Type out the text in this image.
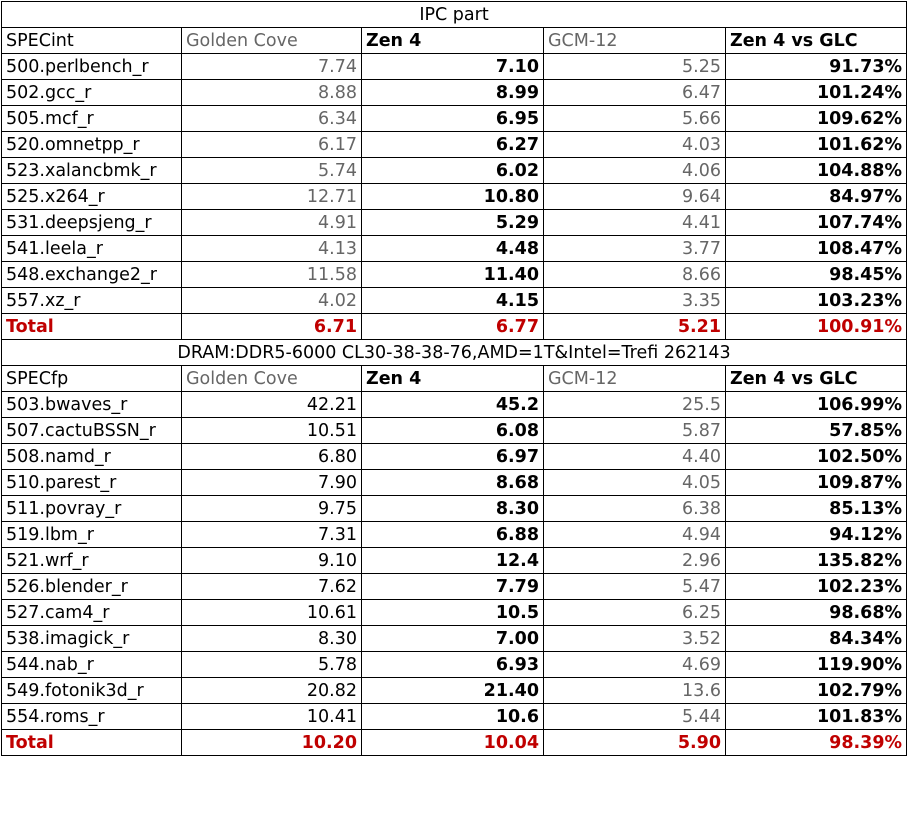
IPC part				
SPECint	Golden Cove	Zen 4	GCM-12	Zen 4 vs GLC
500.perlbench_r	7.74	7.10	5.25	91.73%
502.gcc_r	8.88	8.99	6.47	101.24%
505.mcf_r	6.34	6.95	5.66	109.62%
520.omnetpp_r	6.17	6.27	4.03	101.62%
523.xalancbmk_r	5.74	6.02	4.06	104.88%
525.x264_r	12.71	10.80	9.64	84.97%
531.deepsjeng_r	4.91	5.29	4.41	107.74%
541.leela_r	4.13	4.48	3.77	108.47%
548.exchange2_r	11.58	11.40	8.66	98.45%
557.xz_r	4.02	4.15	3.35	103.23%
Total	6.71	6.77	5.21	100.91%
DRAM:DDR5-6000 CL30-38-38-76,AMD=1T&Intel=Trefi 262143				
SPECfp	Golden Cove	Zen 4	GCM-12	Zen 4 vs GLC
503.bwaves_r	42.21	45.2	25.5	106.99%
507.cactuBSSN_r	10.51	6.08	5.87	57.85%
508.namd_r	6.80	6.97	4.40	102.50%
510.parest_r	7.90	8.68	4.05	109.87%
511.povray_r	9.75	8.30	6.38	85.13%
519.lbm_r	7.31	6.88	4.94	94.12%
521.wrf_r	9.10	12.4	2.96	135.82%
526.blender_r	7.62	7.79	5.47	102.23%
527.cam4_r	10.61	10.5	6.25	98.68%
538.imagick_r	8.30	7.00	3.52	84.34%
544.nab_r	5.78	6.93	4.69	119.90%
549.fotonik3d_r	20.82	21.40	13.6	102.79%
554.roms_r	10.41	10.6	5.44	101.83%
Total	10.20	10.04	5.90	98.39%
